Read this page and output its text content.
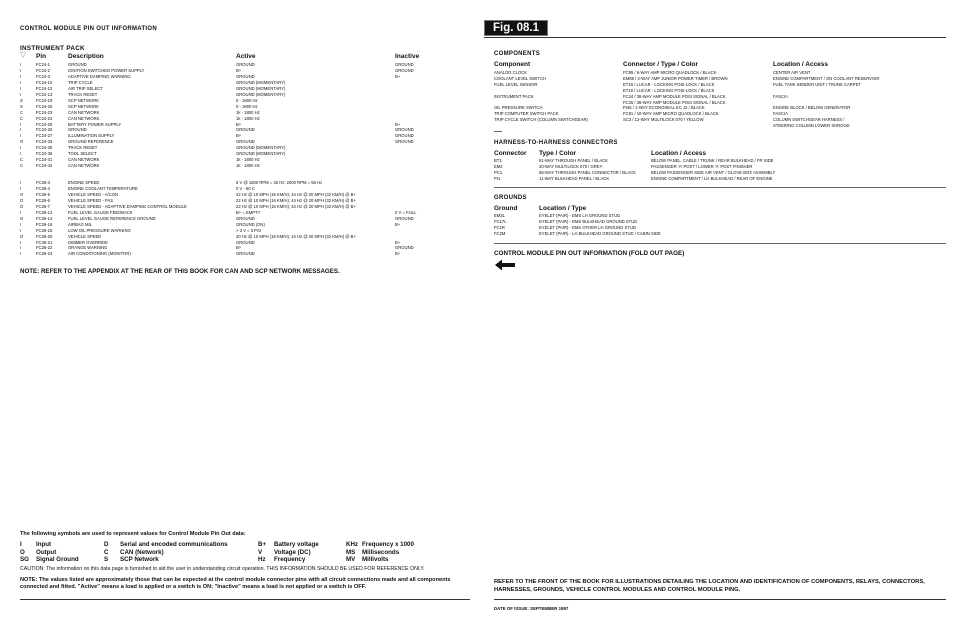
CONTROL MODULE PIN OUT INFORMATION
INSTRUMENT PACK
▽ Pin	Description	Active	Inactive
I	FC24-1	GROUND	GROUND	GROUND
I	FC24-2	IGNITION SWITCHED POWER SUPPLY	B+	GROUND
I	FC24-3	ADAPTIVE DAMPING WARNING	GROUND	B+
I	FC24-10	TRIP CYCLE	GROUND (MOMENTARY)
I	FC24-12	AIR TRIP SELECT	GROUND (MOMENTARY)
I	FC24-13	TRACK RESET	GROUND (MOMENTARY)
S	FC24-19	SCP NETWORK	0 - 1800 Hz
S	FC24-20	SCP NETWORK	0 - 1800 Hz
C	FC24-23	CAN NETWORK	1k - 1800 Hz
C	FC24-24	CAN NETWORK	1k - 1800 Hz
I	FC24-25	BATTERY POWER SUPPLY	B+	B+
I	FC24-26	GROUND	GROUND	GROUND
I	FC24-27	ILLUMINATION SUPPLY	B+	GROUND
O	FC24-33	GROUND REFERENCE	GROUND	GROUND
I	FC24-35	TRACK RESET	GROUND (MOMENTARY)
I	FC24-36	TOOL SELECT	GROUND (MOMENTARY)
C	FC24-41	CAN NETWORK	1k - 1800 Hz
C	FC24-42	CAN NETWORK	1k - 1800 Hz
I	FC26-3	ENGINE SPEED	5 V @ 1600 RPM = 45 Hz; 2000 RPM = 55 Hz
I	FC26-4	ENGINE COOLANT TEMPERATURE	0 V - 60 C
O	FC26-5	VEHICLE SPEED - A/CON	22 Hz @ 10 MPH (16 KM/H); 44 Hz @ 20 MPH (32 KM/H) @ B+
O	FC26-6	VEHICLE SPEED - PAS	22 Hz @ 10 MPH (16 KM/H); 44 Hz @ 20 MPH (32 KM/H) @ B+
O	FC26-7	VEHICLE SPEED - ADAPTIVE DAMPING CONTROL MODULE	22 Hz @ 10 MPH (16 KM/H); 44 Hz @ 20 MPH (32 KM/H) @ B+
I	FC26-13	FUEL LEVEL GAUGE FEEDBACK	B+ = EMPTY	0 V = FULL
O	FC26-14	FUEL LEVEL GAUGE REFERENCE GROUND	GROUND	GROUND
I	FC26-16	AIRBAG MIL	GROUND (ON)	B+
I	FC26-18	LOW OIL PRESSURE WARNING	> 3 V = 3 PSI
O	FC26-20	VEHICLE SPEED	20 Hz @ 10 MPH (16 KM/H); 44 Hz @ 20 MPH (32 KM/H) @ B+
I	FC26-21	DIMMER OVERRIDE	GROUND	B+
I	FC26-22	ORANGE WARNING	B+	GROUND
I	FC26-24	AIR CONDITIONING (MONITOR)	GROUND	B+
NOTE: REFER TO THE APPENDIX AT THE REAR OF THIS BOOK FOR CAN AND SCP NETWORK MESSAGES.
The following symbols are used to represent values for Control Module Pin Out data:
I Input	D Serial and encoded communications	B+ Battery voltage	KHz Frequency x 1000
O Output	C CAN (Network)	V Voltage (DC)	MS Milliseconds
SG Signal Ground	S SCP Network	Hz Frequency	MV Millivolts
CAUTION: The information on this data page is furnished to aid the user in understanding circuit operation. THIS INFORMATION SHOULD BE USED FOR REFERENCE ONLY.
NOTE: The values listed are approximately those that can be expected at the control module connector pins with all circuit connections made and all components connected and fitted. "Active" means a load is applied or a switch is ON; "Inactive" means a load is not applied or a switch is OFF.
Fig. 08.1
COMPONENTS
Component	Connector / Type / Color	Location / Access
ANALOG CLOCK	FC89 / 6-WAY AMP MICRO QUADLOCK / BLACK	CENTER AIR VENT
COOLANT LEVEL SWITCH	EM88 / 3-WAY AMP JUNIOR POWER TIMER / BROWN	ENGINE COMPARTMENT / ON COOLANT RESERVOIR
FUEL LEVEL SENSOR	ET18 / LUCAR - LOCKING POSI-LOCK / BLACK	FUEL TANK SENDER UNIT / TRUNK CARPET
ET19 / LUCAR - LOCKING POSI-LOCK / BLACK
INSTRUMENT PACK	FC24 / 36-WAY AMP MODULE POSI SIGNAL / BLACK	FASCIA
FC25 / 36-WAY AMP MODULE POSI SIGNAL / BLACK
OIL PRESSURE SWITCH	PI45 / 1-WAY ECONOSEAL EC J2 / BLACK	ENGINE BLOCK / BELOW GENERATOR
TRIP COMPUTER SWITCH PACK	FC91 / 10-WAY AMP MICRO QUADLOCK / BLACK	FASCIA
TRIP CYCLE SWITCH (COLUMN SWITCHGEAR)	SC3 / 12-WAY MULTILOCK 070 / YELLOW	COLUMN SWITCHGEAR HARNESS /
STEERING COLUMN LOWER SHROUD
HARNESS-TO-HARNESS CONNECTORS
Connector Type / Color	Location / Access
BT1	81-WAY THROUGH PANEL / BLACK	BELOW PANEL, CABLE / TRUNK / REAR BULKHEAD / FR SIDE
EM2	20-WAY MULTILOCK 070 / GREY	PASSENGER 'A' POST / LOWER 'A' POST FINISHER
PC1	56-WAY THROUGH PANEL CONNECTOR / BLACK	BELOW PASSENGER SIDE AIR VENT / GLOVE BOX ASSEMBLY
PI1	11-WAY BULKHEAD PANEL / BLACK	ENGINE COMPARTMENT / LH BULKHEAD / REAR OF ENGINE
GROUNDS
Ground	Location / Type
EM3L	EYELET (PAIR) - EMS LH GROUND STUD
FC17L	EYELET (PAIR) - EMS BULKHEAD GROUND STUD
FC1R	EYELET (PAIR) - EMS OTHER LH GROUND STUD
FC2M	EYELET (PAIR) - LH BULKHEAD GROUND STUD / CABIN SIDE
CONTROL MODULE PIN OUT INFORMATION (FOLD OUT PAGE)
REFER TO THE FRONT OF THE BOOK FOR ILLUSTRATIONS DETAILING THE LOCATION AND IDENTIFICATION OF COMPONENTS, RELAYS, CONNECTORS, HARNESSES, GROUNDS, VEHICLE CONTROL MODULES AND CONTROL MODULE PING.
DATE OF ISSUE: SEPTEMBER 1997
